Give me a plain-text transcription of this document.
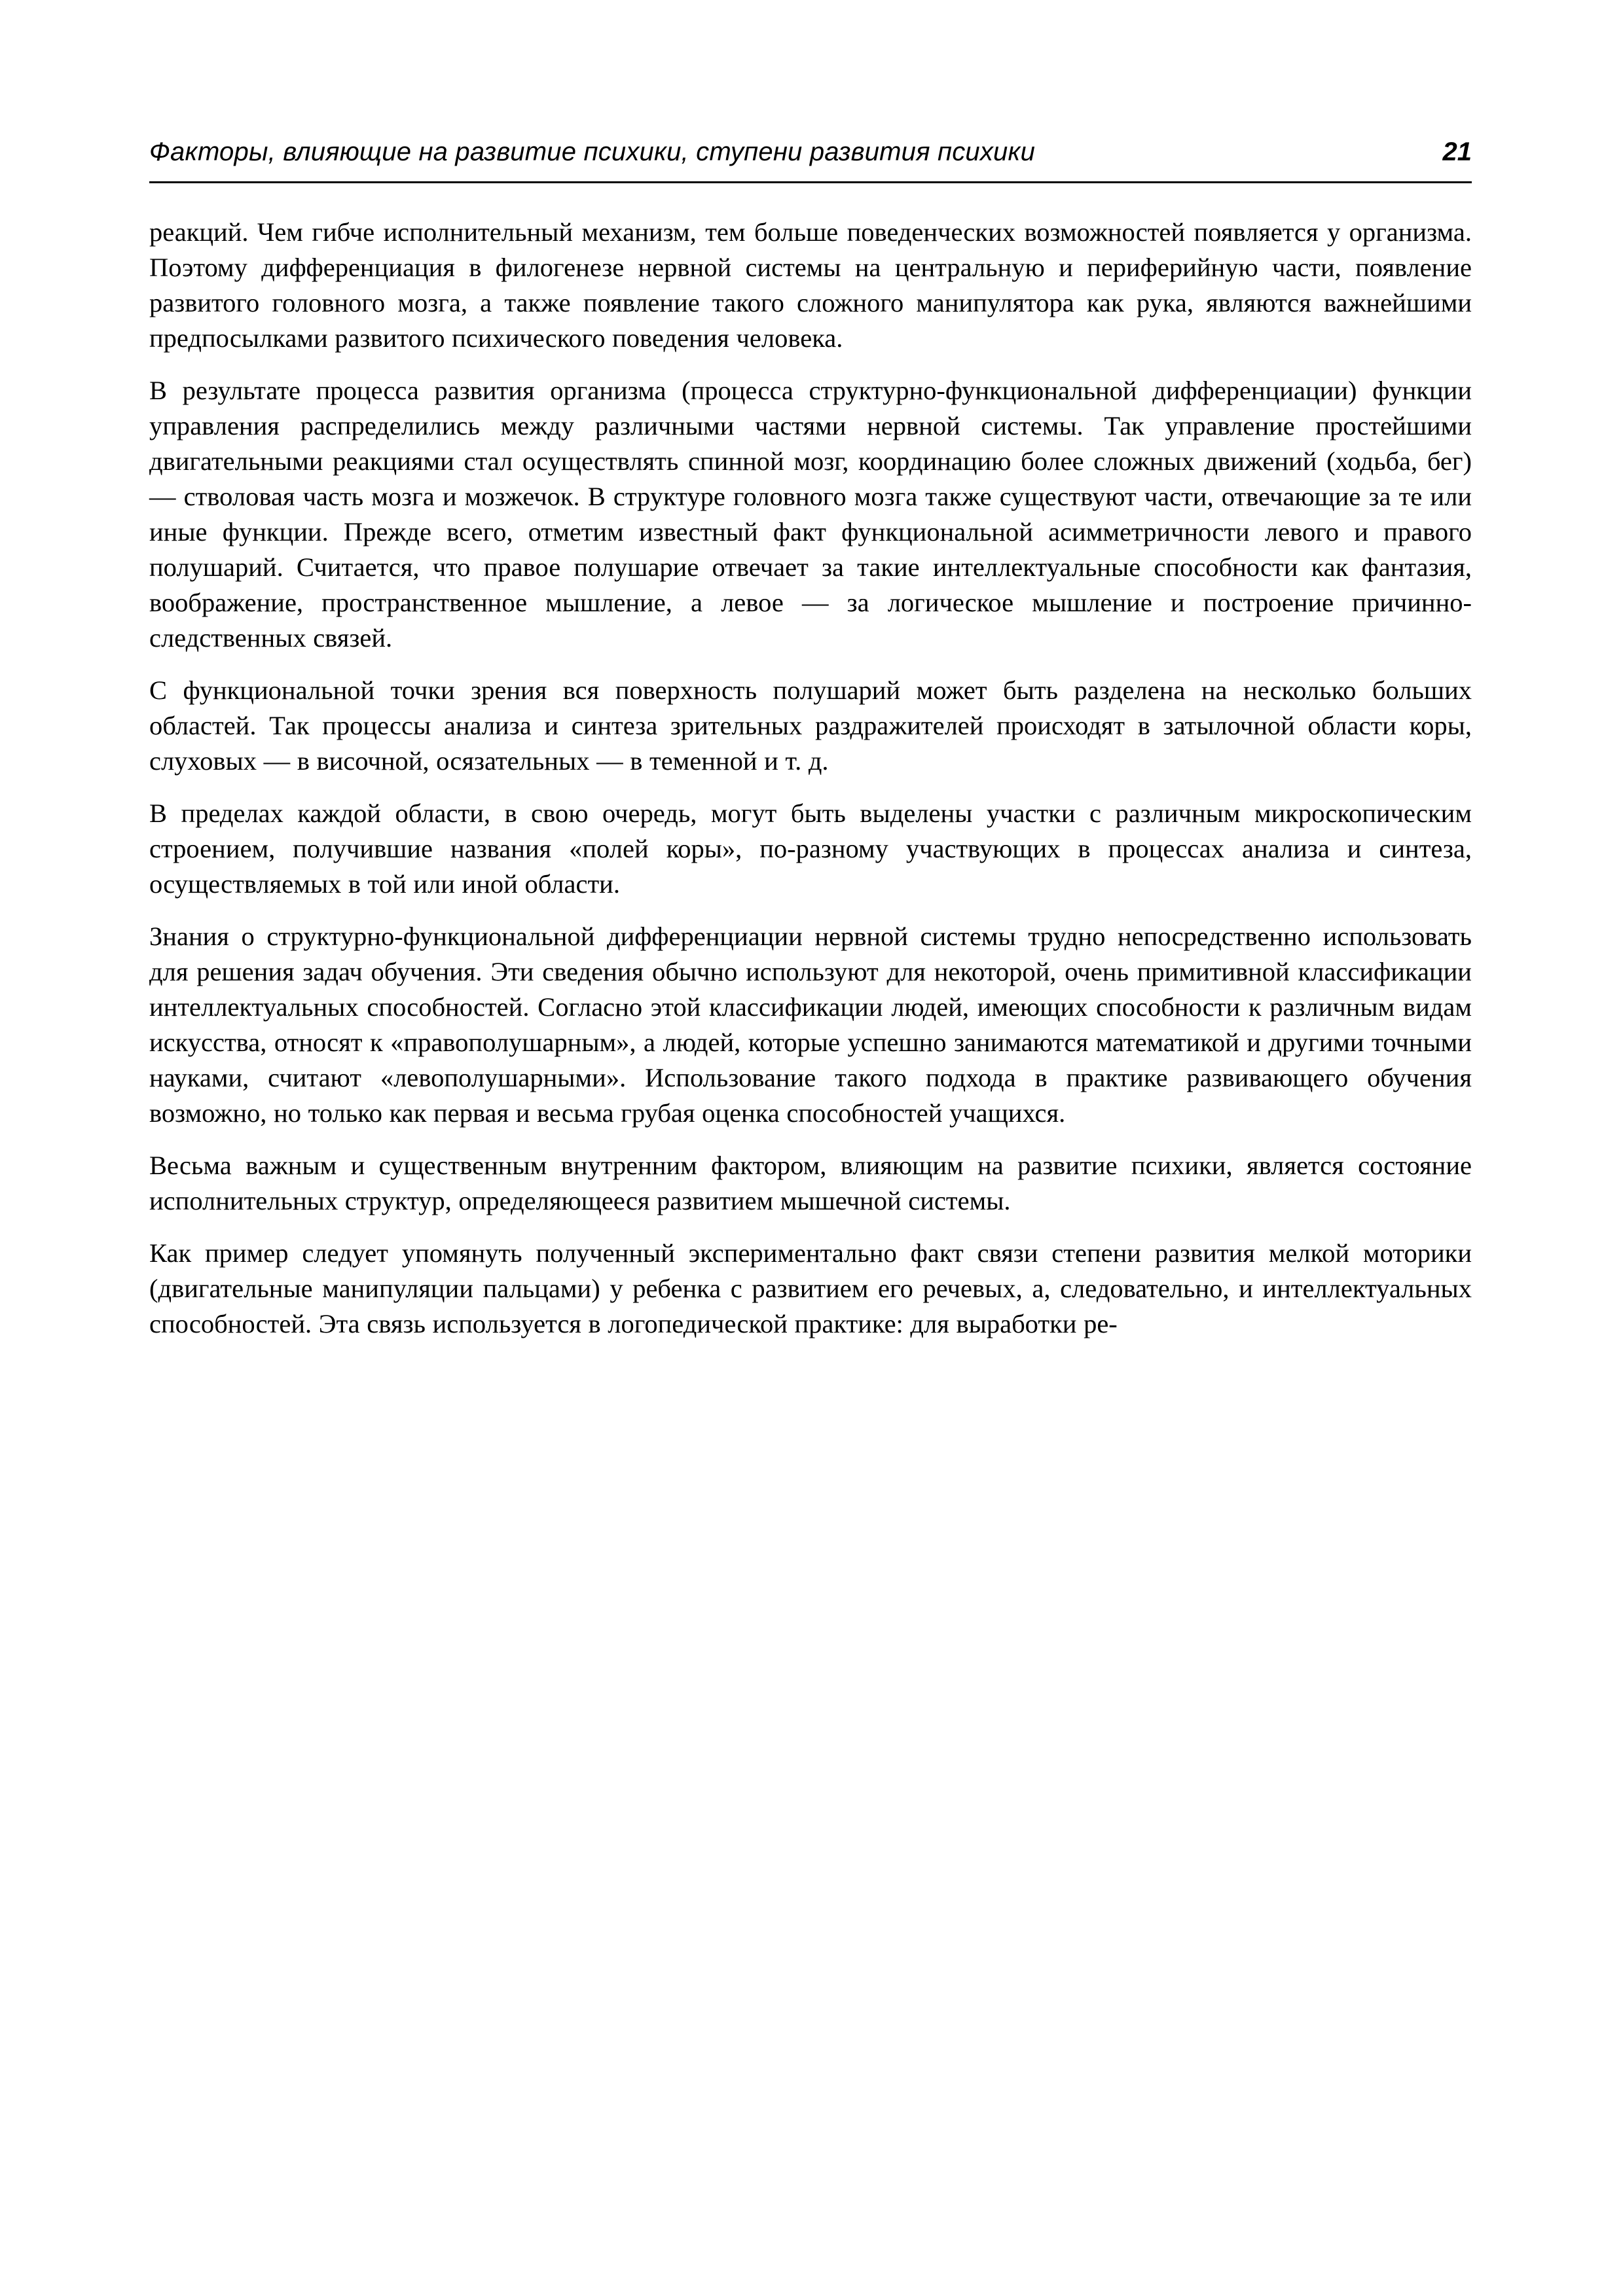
Факторы, влияющие на развитие психики, ступени развития психики	21

реакций. Чем гибче исполнительный механизм, тем больше поведенческих возможностей появляется у организма. Поэтому дифференциация в филогенезе нервной системы на центральную и периферийную части, появление развитого головного мозга, а также появление такого сложного манипулятора как рука, являются важнейшими предпосылками развитого психического поведения человека.

В результате процесса развития организма (процесса структурно-функциональной дифференциации) функции управления распределились между различными частями нервной системы. Так управление простейшими двигательными реакциями стал осуществлять спинной мозг, координацию более сложных движений (ходьба, бег) — стволовая часть мозга и мозжечок. В структуре головного мозга также существуют части, отвечающие за те или иные функции. Прежде всего, отметим известный факт функциональной асимметричности левого и правого полушарий. Считается, что правое полушарие отвечает за такие интеллектуальные способности как фантазия, воображение, пространственное мышление, а левое — за логическое мышление и построение причинно-следственных связей.

С функциональной точки зрения вся поверхность полушарий может быть разделена на несколько больших областей. Так процессы анализа и синтеза зрительных раздражителей происходят в затылочной области коры, слуховых — в височной, осязательных — в теменной и т. д.

В пределах каждой области, в свою очередь, могут быть выделены участки с различным микроскопическим строением, получившие названия «полей коры», по-разному участвующих в процессах анализа и синтеза, осуществляемых в той или иной области.

Знания о структурно-функциональной дифференциации нервной системы трудно непосредственно использовать для решения задач обучения. Эти сведения обычно используют для некоторой, очень примитивной классификации интеллектуальных способностей. Согласно этой классификации людей, имеющих способности к различным видам искусства, относят к «правополушарным», а людей, которые успешно занимаются математикой и другими точными науками, считают «левополушарными». Использование такого подхода в практике развивающего обучения возможно, но только как первая и весьма грубая оценка способностей учащихся.

Весьма важным и существенным внутренним фактором, влияющим на развитие психики, является состояние исполнительных структур, определяющееся развитием мышечной системы.

Как пример следует упомянуть полученный экспериментально факт связи степени развития мелкой моторики (двигательные манипуляции пальцами) у ребенка с развитием его речевых, а, следовательно, и интеллектуальных способностей. Эта связь используется в логопедической практике: для выработки ре-
